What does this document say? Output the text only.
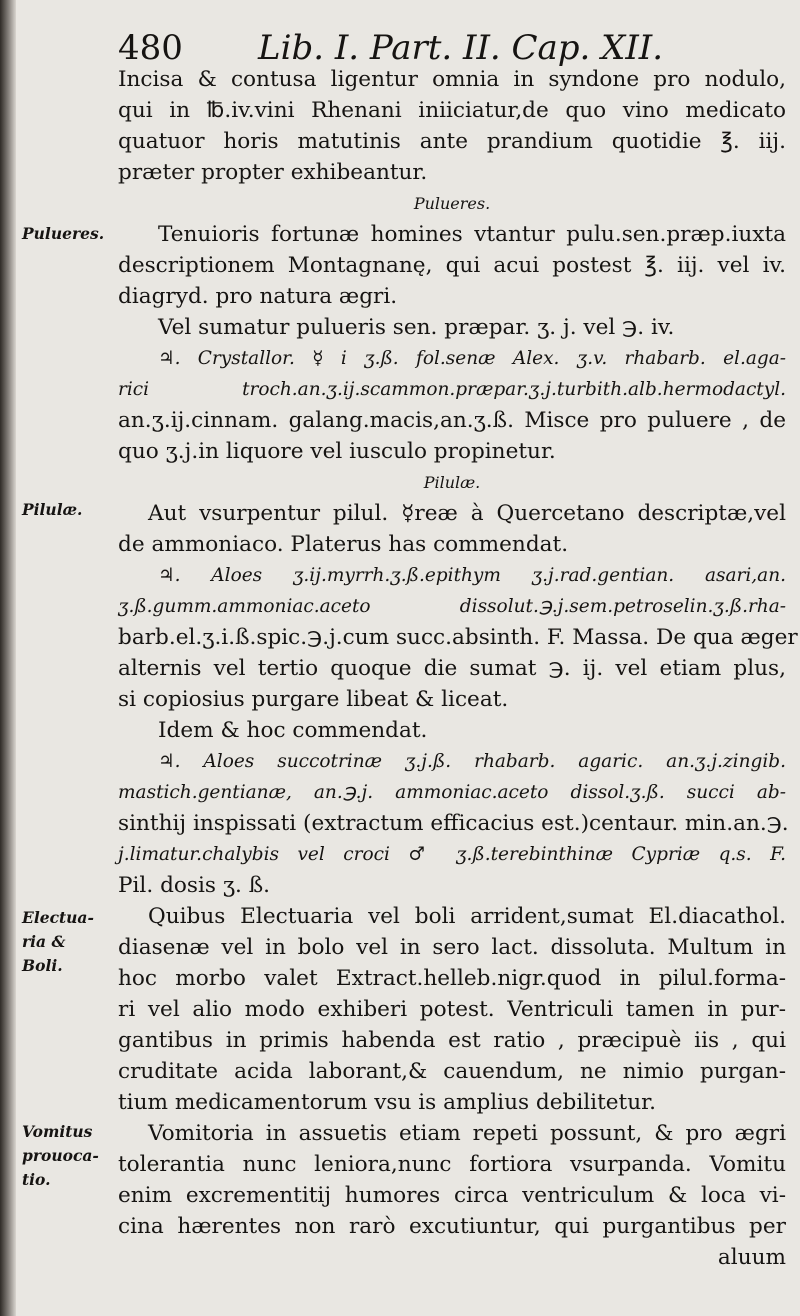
480 Lib. I. Part. II. Cap. XII.
Pulueres.
Pilulæ.
Electua-
ria &
Boli.
Vomitus
prouoca-
tio.
Incisa & contusa ligentur omnia in syndone pro nodulo,
qui in ℔.iv.vini Rhenani iniiciatur,de quo vino medicato
quatuor horis matutinis ante prandium quotidie ℥. iij.
præter propter exhibeantur.
Pulueres.
Tenuioris fortunæ homines vtantur pulu.sen.præp.iuxta
descriptionem Montagnanę, qui acui postest ℥. iij. vel iv.
diagryd. pro natura ægri.
Vel sumatur pulueris sen. præpar. ʒ. j. vel ℈. iv.
♃. Crystallor. ☿ i ʒ.ß. fol.senæ Alex. ʒ.v. rhabarb. el.aga-
rici troch.an.ʒ.ij.scammon.præpar.ʒ.j.turbith.alb.hermodactyl.
an.ʒ.ij.cinnam. galang.macis,an.ʒ.ß. Misce pro puluere , de
quo ʒ.j.in liquore vel iusculo propinetur.
Pilulæ.
Aut vsurpentur pilul. ☿reæ à Quercetano descriptæ,vel
de ammoniaco. Platerus has commendat.
♃. Aloes ʒ.ij.myrrh.ʒ.ß.epithym ʒ.j.rad.gentian. asari,an.
ʒ.ß.gumm.ammoniac.aceto dissolut.℈.j.sem.petroselin.ʒ.ß.rha-
barb.el.ʒ.i.ß.spic.℈.j.cum succ.absinth. F. Massa. De qua æger
alternis vel tertio quoque die sumat ℈. ij. vel etiam plus,
si copiosius purgare libeat & liceat.
Idem & hoc commendat.
♃. Aloes succotrinæ ʒ.j.ß. rhabarb. agaric. an.ʒ.j.zingib.
mastich.gentianæ, an.℈.j. ammoniac.aceto dissol.ʒ.ß. succi ab-
sinthij inspissati (extractum efficacius est.)centaur. min.an.℈.
j.limatur.chalybis vel croci ♂ ʒ.ß.terebinthinæ Cypriæ q.s. F.
Pil. dosis ʒ. ß.
Quibus Electuaria vel boli arrident,sumat El.diacathol.
diasenæ vel in bolo vel in sero lact. dissoluta. Multum in
hoc morbo valet Extract.helleb.nigr.quod in pilul.forma-
ri vel alio modo exhiberi potest. Ventriculi tamen in pur-
gantibus in primis habenda est ratio , præcipuè iis , qui
cruditate acida laborant,& cauendum, ne nimio purgan-
tium medicamentorum vsu is amplius debilitetur.
Vomitoria in assuetis etiam repeti possunt, & pro ægri
tolerantia nunc leniora,nunc fortiora vsurpanda. Vomitu
enim excrementitij humores circa ventriculum & loca vi-
cina hærentes non rarò excutiuntur, qui purgantibus per
aluum
